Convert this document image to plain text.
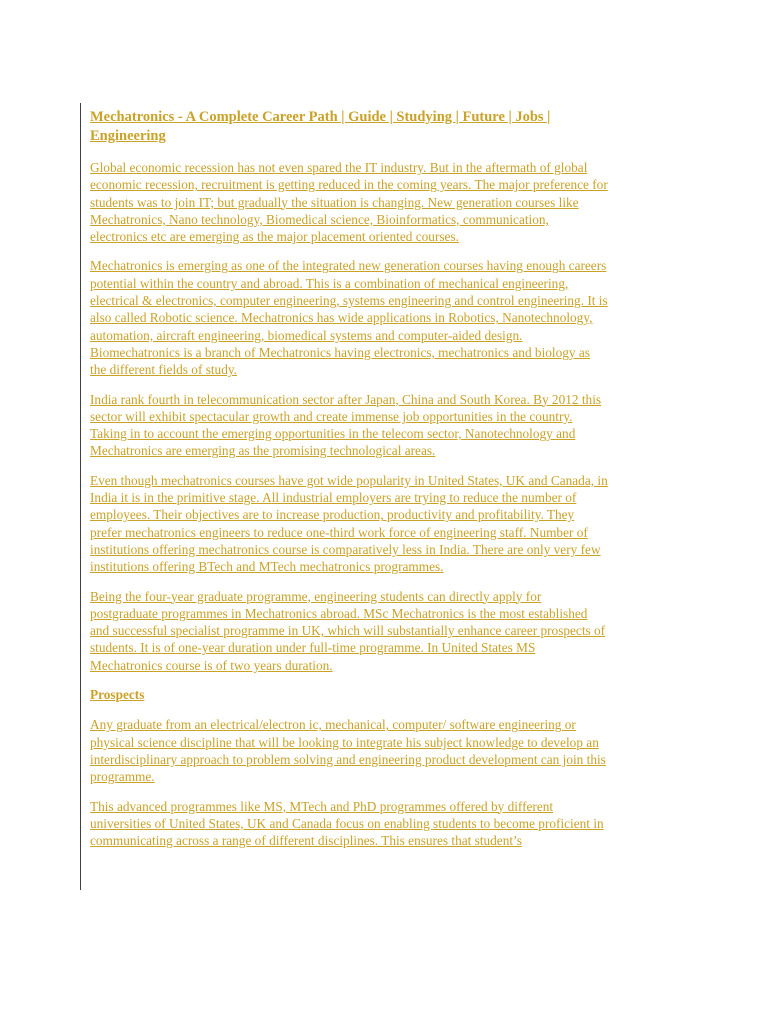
Mechatronics - A Complete Career Path | Guide | Studying | Future | Jobs |
Engineering
Global economic recession has not even spared the IT industry. But in the aftermath of global
economic recession, recruitment is getting reduced in the coming years. The major preference for
students was to join IT; but gradually the situation is changing. New generation courses like
Mechatronics, Nano technology, Biomedical science, Bioinformatics, communication,
electronics etc are emerging as the major placement oriented courses.
Mechatronics is emerging as one of the integrated new generation courses having enough careers
potential within the country and abroad. This is a combination of mechanical engineering,
electrical & electronics, computer engineering, systems engineering and control engineering. It is
also called Robotic science. Mechatronics has wide applications in Robotics, Nanotechnology,
automation, aircraft engineering, biomedical systems and computer-aided design.
Biomechatronics is a branch of Mechatronics having electronics, mechatronics and biology as
the different fields of study.
India rank fourth in telecommunication sector after Japan, China and South Korea. By 2012 this
sector will exhibit spectacular growth and create immense job opportunities in the country.
Taking in to account the emerging opportunities in the telecom sector, Nanotechnology and
Mechatronics are emerging as the promising technological areas.
Even though mechatronics courses have got wide popularity in United States, UK and Canada, in
India it is in the primitive stage. All industrial employers are trying to reduce the number of
employees. Their objectives are to increase production, productivity and profitability. They
prefer mechatronics engineers to reduce one-third work force of engineering staff. Number of
institutions offering mechatronics course is comparatively less in India. There are only very few
institutions offering BTech and MTech mechatronics programmes.
Being the four-year graduate programme, engineering students can directly apply for
postgraduate programmes in Mechatronics abroad. MSc Mechatronics is the most established
and successful specialist programme in UK, which will substantially enhance career prospects of
students. It is of one-year duration under full-time programme. In United States MS
Mechatronics course is of two years duration.
Prospects
Any graduate from an electrical/electron ic, mechanical, computer/ software engineering or
physical science discipline that will be looking to integrate his subject knowledge to develop an
interdisciplinary approach to problem solving and engineering product development can join this
programme.
This advanced programmes like MS, MTech and PhD programmes offered by different
universities of United States, UK and Canada focus on enabling students to become proficient in
communicating across a range of different disciplines. This ensures that student’s
